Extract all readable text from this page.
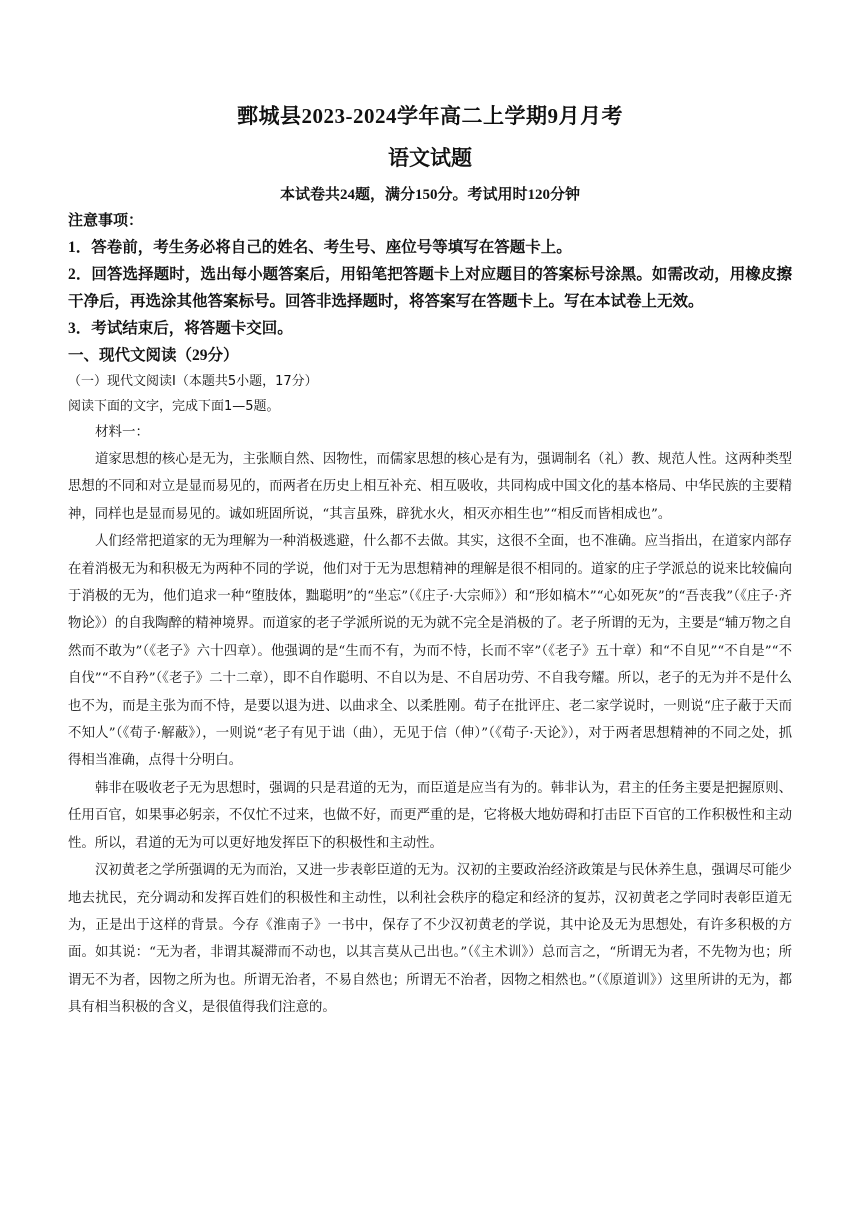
鄄城县2023-2024学年高二上学期9月月考
语文试题

本试卷共24题，满分150分。考试用时120分钟

注意事项：

1．答卷前，考生务必将自己的姓名、考生号、座位号等填写在答题卡上。

2．回答选择题时，选出每小题答案后，用铅笔把答题卡上对应题目的答案标号涂黑。如需改动，用橡皮擦干净后，再选涂其他答案标号。回答非选择题时，将答案写在答题卡上。写在本试卷上无效。

3．考试结束后，将答题卡交回。

一、现代文阅读（29分）

（一）现代文阅读Ⅰ（本题共5小题，17分）

阅读下面的文字，完成下面1—5题。

材料一：

道家思想的核心是无为，主张顺自然、因物性，而儒家思想的核心是有为，强调制名（礼）教、规范人性。这两种类型思想的不同和对立是显而易见的，而两者在历史上相互补充、相互吸收，共同构成中国文化的基本格局、中华民族的主要精神，同样也是显而易见的。诚如班固所说，“其言虽殊，辟犹水火，相灭亦相生也”“相反而皆相成也”。

人们经常把道家的无为理解为一种消极逃避，什么都不去做。其实，这很不全面，也不准确。应当指出，在道家内部存在着消极无为和积极无为两种不同的学说，他们对于无为思想精神的理解是很不相同的。道家的庄子学派总的说来比较偏向于消极的无为，他们追求一种“堕肢体，黜聪明”的“坐忘”（《庄子·大宗师》）和“形如槁木”“心如死灰”的“吾丧我”（《庄子·齐物论》）的自我陶醉的精神境界。而道家的老子学派所说的无为就不完全是消极的了。老子所谓的无为，主要是“辅万物之自然而不敢为”（《老子》六十四章）。他强调的是“生而不有，为而不恃，长而不宰”（《老子》五十章）和“不自见”“不自是”“不自伐”“不自矜”（《老子》二十二章），即不自作聪明、不自以为是、不自居功劳、不自我夸耀。所以，老子的无为并不是什么也不为，而是主张为而不恃，是要以退为进、以曲求全、以柔胜刚。荀子在批评庄、老二家学说时，一则说“庄子蔽于天而不知人”（《荀子·解蔽》），一则说“老子有见于诎（曲），无见于信（伸）”（《荀子·天论》），对于两者思想精神的不同之处，抓得相当准确，点得十分明白。

韩非在吸收老子无为思想时，强调的只是君道的无为，而臣道是应当有为的。韩非认为，君主的任务主要是把握原则、任用百官，如果事必躬亲，不仅忙不过来，也做不好，而更严重的是，它将极大地妨碍和打击臣下百官的工作积极性和主动性。所以，君道的无为可以更好地发挥臣下的积极性和主动性。

汉初黄老之学所强调的无为而治，又进一步表彰臣道的无为。汉初的主要政治经济政策是与民休养生息，强调尽可能少地去扰民，充分调动和发挥百姓们的积极性和主动性，以利社会秩序的稳定和经济的复苏，汉初黄老之学同时表彰臣道无为，正是出于这样的背景。今存《淮南子》一书中，保存了不少汉初黄老的学说，其中论及无为思想处，有许多积极的方面。如其说：“无为者，非谓其凝滞而不动也，以其言莫从己出也。”（《主术训》）总而言之，“所谓无为者，不先物为也；所谓无不为者，因物之所为也。所谓无治者，不易自然也；所谓无不治者，因物之相然也。”（《原道训》）这里所讲的无为，都具有相当积极的含义，是很值得我们注意的。
